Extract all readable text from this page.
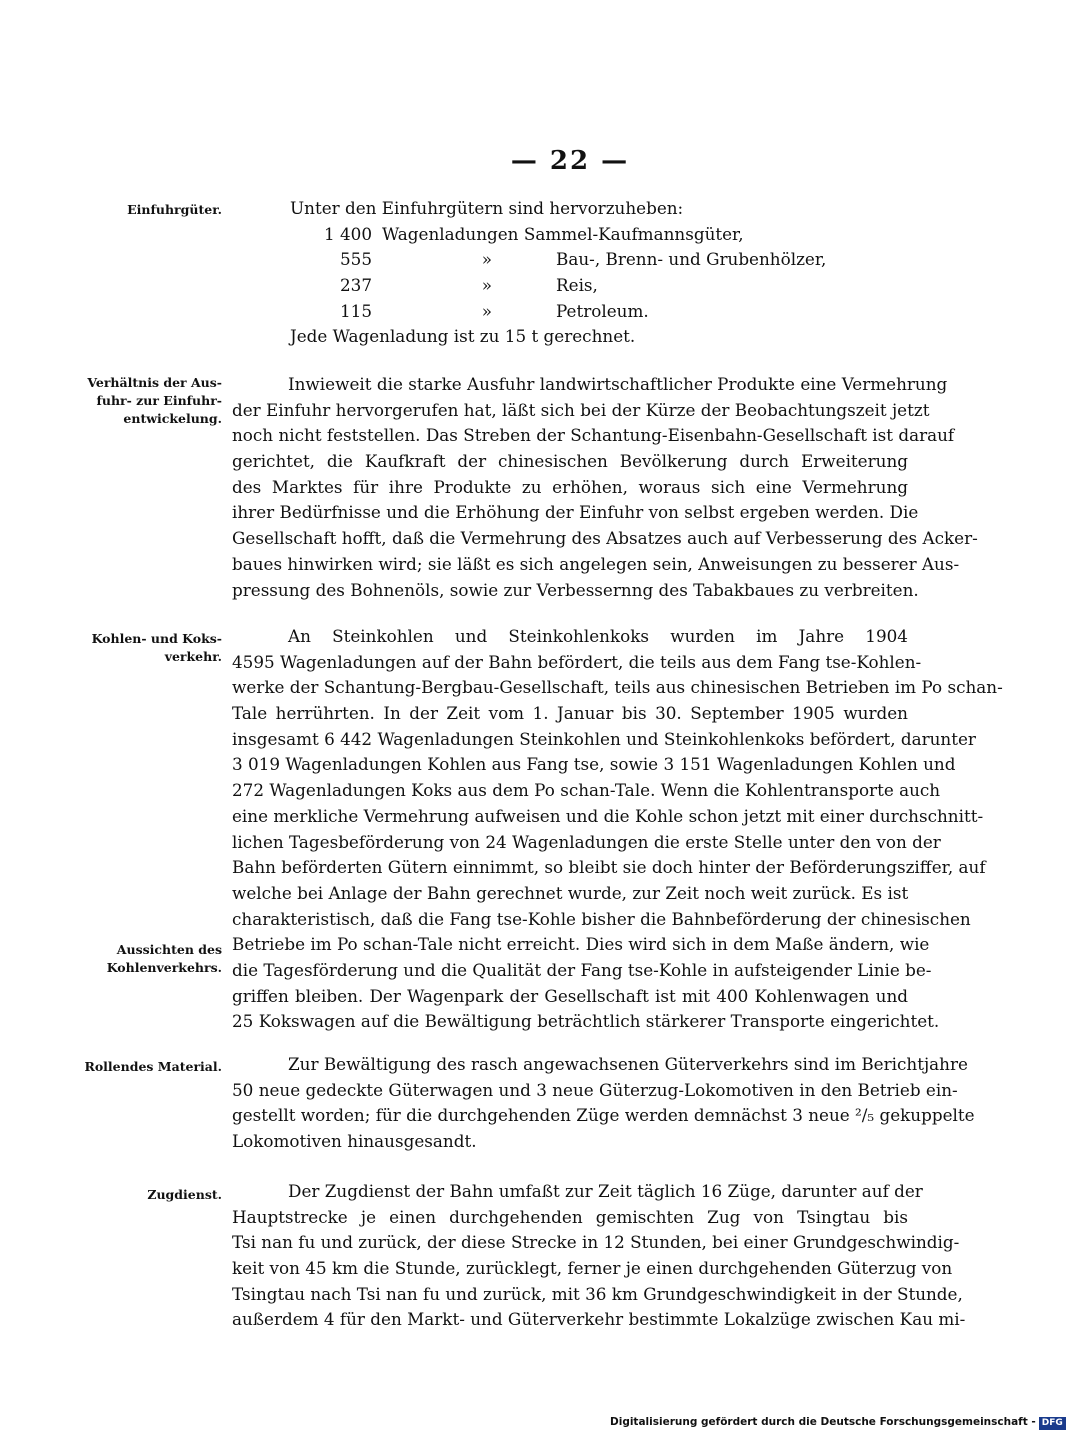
— 22 —
Einfuhrgüter.
Verhältnis der Aus-
fuhr- zur Einfuhr-
entwickelung.
Kohlen- und Koks-
verkehr.
Aussichten des
Kohlenverkehrs.
Rollendes Material.
Zugdienst.
Unter den Einfuhrgütern sind hervorzuheben:
1 400 Wagenladungen Sammel-Kaufmannsgüter,
555	»	Bau-, Brenn- und Grubenhölzer,
237	»	Reis,
115	»	Petroleum.
Jede Wagenladung ist zu 15 t gerechnet.
Inwieweit die starke Ausfuhr landwirtschaftlicher Produkte eine Vermehrung
der Einfuhr hervorgerufen hat, läßt sich bei der Kürze der Beobachtungszeit jetzt
noch nicht feststellen. Das Streben der Schantung-Eisenbahn-Gesellschaft ist darauf
gerichtet, die Kaufkraft der chinesischen Bevölkerung durch Erweiterung
des Marktes für ihre Produkte zu erhöhen, woraus sich eine Vermehrung
ihrer Bedürfnisse und die Erhöhung der Einfuhr von selbst ergeben werden. Die
Gesellschaft hofft, daß die Vermehrung des Absatzes auch auf Verbesserung des Acker-
baues hinwirken wird; sie läßt es sich angelegen sein, Anweisungen zu besserer Aus-
pressung des Bohnenöls, sowie zur Verbessernng des Tabakbaues zu verbreiten.
An Steinkohlen und Steinkohlenkoks wurden im Jahre 1904
4595 Wagenladungen auf der Bahn befördert, die teils aus dem Fang tse-Kohlen-
werke der Schantung-Bergbau-Gesellschaft, teils aus chinesischen Betrieben im Po schan-
Tale herrührten. In der Zeit vom 1. Januar bis 30. September 1905 wurden
insgesamt 6 442 Wagenladungen Steinkohlen und Steinkohlenkoks befördert, darunter
3 019 Wagenladungen Kohlen aus Fang tse, sowie 3 151 Wagenladungen Kohlen und
272 Wagenladungen Koks aus dem Po schan-Tale. Wenn die Kohlentransporte auch
eine merkliche Vermehrung aufweisen und die Kohle schon jetzt mit einer durchschnitt-
lichen Tagesbeförderung von 24 Wagenladungen die erste Stelle unter den von der
Bahn beförderten Gütern einnimmt, so bleibt sie doch hinter der Beförderungsziffer, auf
welche bei Anlage der Bahn gerechnet wurde, zur Zeit noch weit zurück. Es ist
charakteristisch, daß die Fang tse-Kohle bisher die Bahnbeförderung der chinesischen
Betriebe im Po schan-Tale nicht erreicht. Dies wird sich in dem Maße ändern, wie
die Tagesförderung und die Qualität der Fang tse-Kohle in aufsteigender Linie be-
griffen bleiben. Der Wagenpark der Gesellschaft ist mit 400 Kohlenwagen und
25 Kokswagen auf die Bewältigung beträchtlich stärkerer Transporte eingerichtet.
Zur Bewältigung des rasch angewachsenen Güterverkehrs sind im Berichtjahre
50 neue gedeckte Güterwagen und 3 neue Güterzug-Lokomotiven in den Betrieb ein-
gestellt worden; für die durchgehenden Züge werden demnächst 3 neue ²/₅ gekuppelte
Lokomotiven hinausgesandt.
Der Zugdienst der Bahn umfaßt zur Zeit täglich 16 Züge, darunter auf der
Hauptstrecke je einen durchgehenden gemischten Zug von Tsingtau bis
Tsi nan fu und zurück, der diese Strecke in 12 Stunden, bei einer Grundgeschwindig-
keit von 45 km die Stunde, zurücklegt, ferner je einen durchgehenden Güterzug von
Tsingtau nach Tsi nan fu und zurück, mit 36 km Grundgeschwindigkeit in der Stunde,
außerdem 4 für den Markt- und Güterverkehr bestimmte Lokalzüge zwischen Kau mi-
Digitalisierung gefördert durch die Deutsche Forschungsgemeinschaft - DFG
